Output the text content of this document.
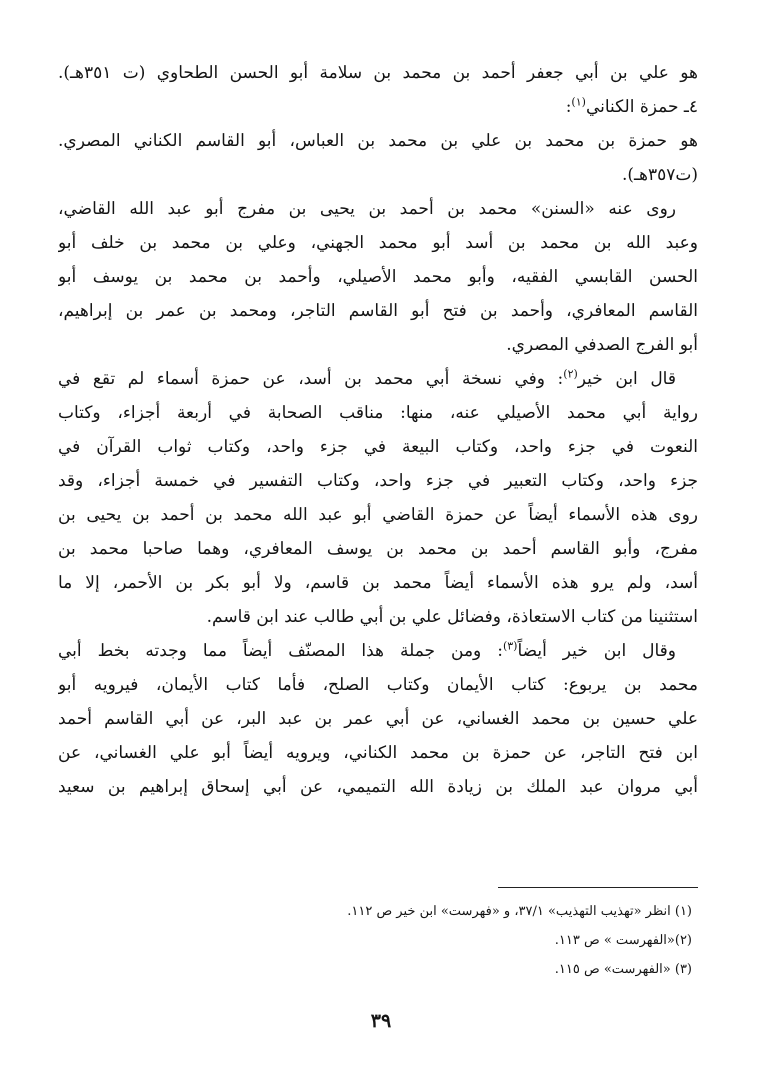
هو علي بن أبي جعفر أحمد بن محمد بن سلامة أبو الحسن الطحاوي (ت ٣٥١هـ).
٤ـ حمزة الكناني$^{(١)}$:
هو حمزة بن محمد بن علي بن محمد بن العباس، أبو القاسم الكناني المصري.
(ت٣٥٧هـ).
روى عنه «السنن» محمد بن أحمد بن يحيى بن مفرج أبو عبد الله القاضي،
وعبد الله بن محمد بن أسد أبو محمد الجهني، وعلي بن محمد بن خلف أبو
الحسن القابسي الفقيه، وأبو محمد الأصيلي، وأحمد بن محمد بن يوسف أبو
القاسم المعافري، وأحمد بن فتح أبو القاسم التاجر، ومحمد بن عمر بن إبراهيم،
أبو الفرج الصدفي المصري.
قال ابن خير$^{(٢)}$: وفي نسخة أبي محمد بن أسد، عن حمزة أسماء لم تقع في
رواية أبي محمد الأصيلي عنه، منها: مناقب الصحابة في أربعة أجزاء، وكتاب
النعوت في جزء واحد، وكتاب البيعة في جزء واحد، وكتاب ثواب القرآن في
جزء واحد، وكتاب التعبير في جزء واحد، وكتاب التفسير في خمسة أجزاء، وقد
روى هذه الأسماء أيضاً عن حمزة القاضي أبو عبد الله محمد بن أحمد بن يحيى بن
مفرج، وأبو القاسم أحمد بن محمد بن يوسف المعافري، وهما صاحبا محمد بن
أسد، ولم يرو هذه الأسماء أيضاً محمد بن قاسم، ولا أبو بكر بن الأحمر، إلا ما
استثنينا من كتاب الاستعاذة، وفضائل علي بن أبي طالب عند ابن قاسم.
وقال ابن خير أيضاً$^{(٣)}$: ومن جملة هذا المصنّف أيضاً مما وجدته بخط أبي
محمد بن يربوع: كتاب الأيمان وكتاب الصلح، فأما كتاب الأيمان، فيرويه أبو
علي حسين بن محمد الغساني، عن أبي عمر بن عبد البر، عن أبي القاسم أحمد
ابن فتح التاجر، عن حمزة بن محمد الكناني، ويرويه أيضاً أبو علي الغساني، عن
أبي مروان عبد الملك بن زيادة الله التميمي، عن أبي إسحاق إبراهيم بن سعيد
(١) انظر «تهذيب التهذيب» ٣٧/١، و «فهرست» ابن خير ص ١١٢.
(٢)«الفهرست » ص ١١٣.
(٣) «الفهرست» ص ١١٥.
٣٩
